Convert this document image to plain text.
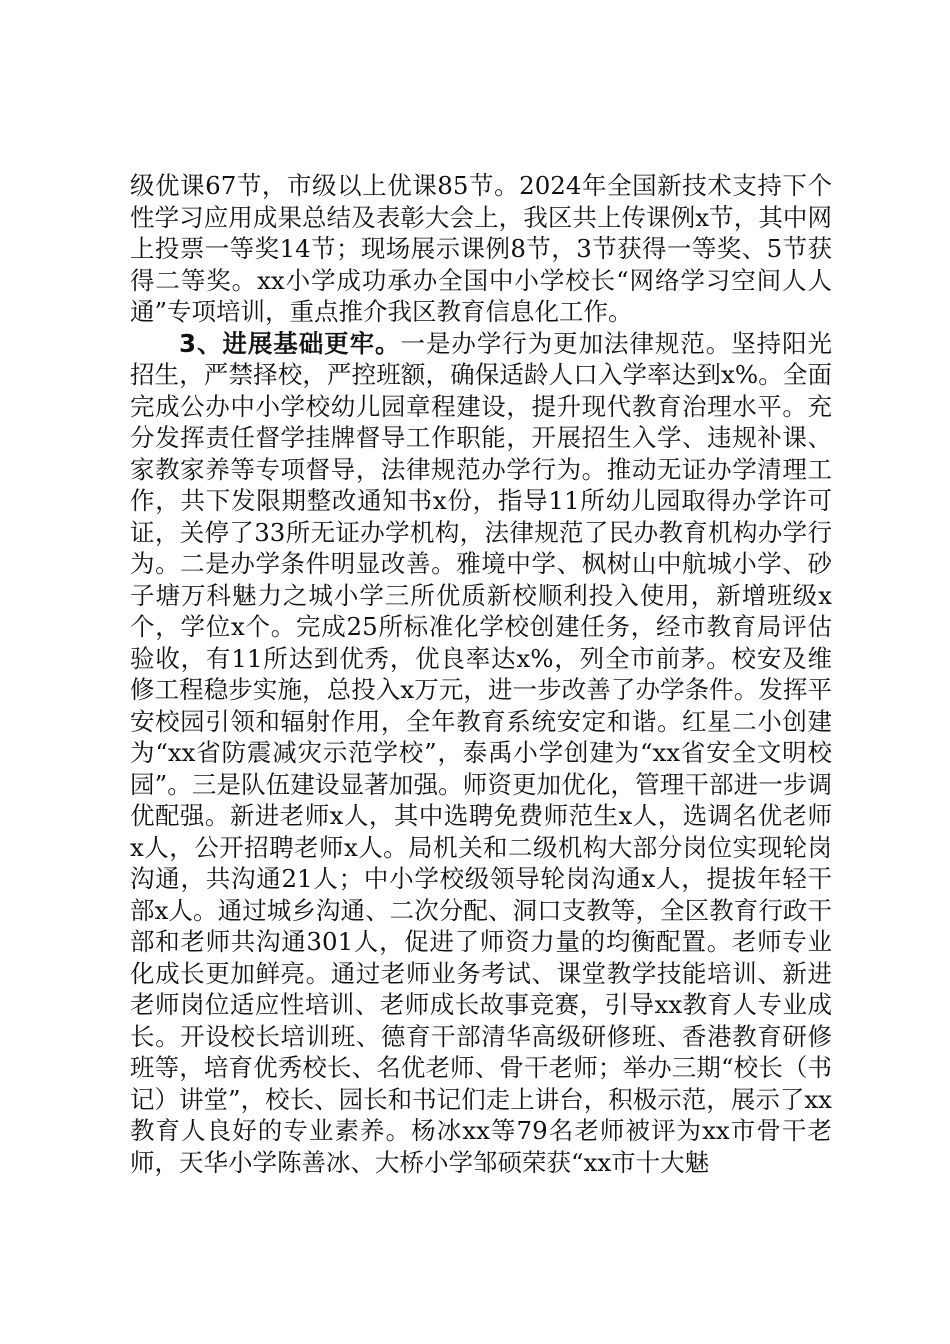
级优课67节，市级以上优课85节。2024年全国新技术支持下个性学习应用成果总结及表彰大会上，我区共上传课例x节，其中网上投票一等奖14节；现场展示课例8节，3节获得一等奖、5节获得二等奖。xx小学成功承办全国中小学校长“网络学习空间人人通”专项培训，重点推介我区教育信息化工作。

3、进展基础更牢。一是办学行为更加法律规范。坚持阳光招生，严禁择校，严控班额，确保适龄人口入学率达到x%。全面完成公办中小学校幼儿园章程建设，提升现代教育治理水平。充分发挥责任督学挂牌督导工作职能，开展招生入学、违规补课、家教家养等专项督导，法律规范办学行为。推动无证办学清理工作，共下发限期整改通知书x份，指导11所幼儿园取得办学许可证，关停了33所无证办学机构，法律规范了民办教育机构办学行为。二是办学条件明显改善。雅境中学、枫树山中航城小学、砂子塘万科魅力之城小学三所优质新校顺利投入使用，新增班级x个，学位x个。完成25所标准化学校创建任务，经市教育局评估验收，有11所达到优秀，优良率达x%，列全市前茅。校安及维修工程稳步实施，总投入x万元，进一步改善了办学条件。发挥平安校园引领和辐射作用，全年教育系统安定和谐。红星二小创建为“xx省防震减灾示范学校”，泰禹小学创建为“xx省安全文明校园”。三是队伍建设显著加强。师资更加优化，管理干部进一步调优配强。新进老师x人，其中选聘免费师范生x人，选调名优老师x人，公开招聘老师x人。局机关和二级机构大部分岗位实现轮岗沟通，共沟通21人；中小学校级领导轮岗沟通x人，提拔年轻干部x人。通过城乡沟通、二次分配、洞口支教等，全区教育行政干部和老师共沟通301人，促进了师资力量的均衡配置。老师专业化成长更加鲜亮。通过老师业务考试、课堂教学技能培训、新进老师岗位适应性培训、老师成长故事竞赛，引导xx教育人专业成长。开设校长培训班、德育干部清华高级研修班、香港教育研修班等，培育优秀校长、名优老师、骨干老师；举办三期“校长（书记）讲堂”，校长、园长和书记们走上讲台，积极示范，展示了xx教育人良好的专业素养。杨冰xx等79名老师被评为xx市骨干老师，天华小学陈善冰、大桥小学邹硕荣获“xx市十大魅
